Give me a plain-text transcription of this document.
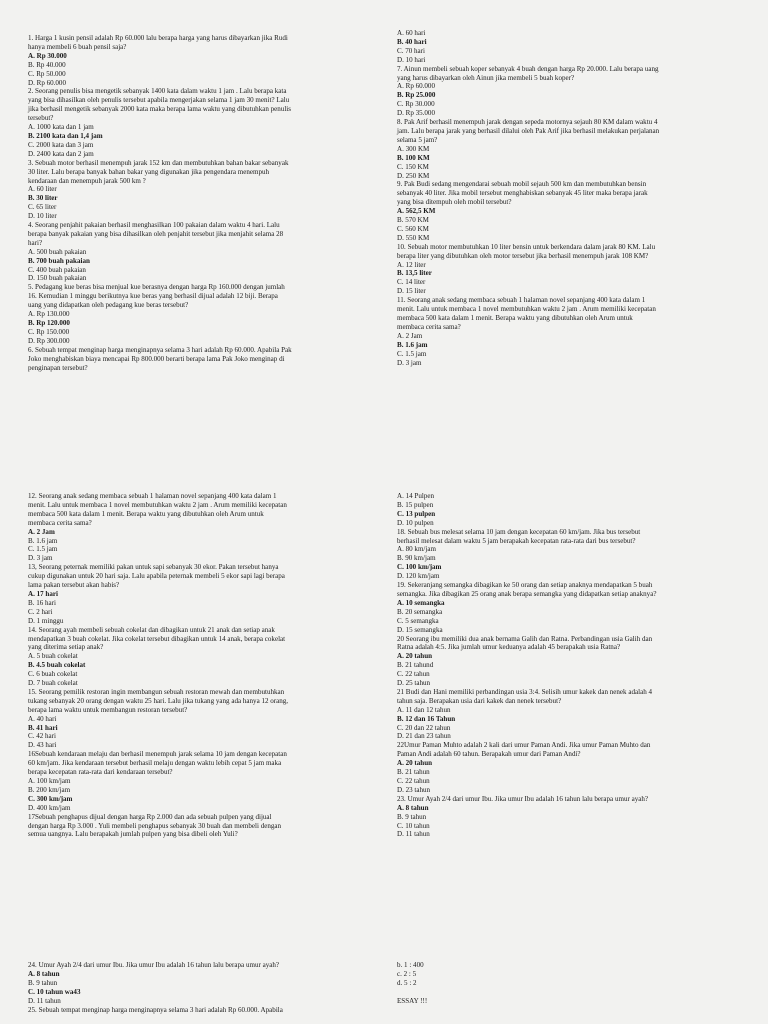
1. Harga 1 kusin pensil adalah Rp 60.000 lalu berapa harga yang harus dibayarkan jika Rudi

hanya membeli 6 buah pensil saja?

A. Rp 30.000

B. Rp 40.000

C. Rp 50.000

D. Rp 60.000

2. Seorang penulis bisa mengetik sebanyak 1400 kata dalam waktu 1 jam . Lalu berapa kata

yang bisa dihasilkan oleh penulis tersebut apabila mengerjakan selama 1 jam 30 menit? Lalu

jika berhasil mengetik sebanyak 2000 kata maka berapa lama waktu yang dibutuhkan penulis

tersebut?

A. 1000 kata dan 1 jam

B. 2100 kata dan 1,4 jam

C. 2000 kata dan 3 jam

D. 2400 kata dan 2 jam

3. Sebuah motor berhasil menempuh jarak 152 km dan membutuhkan bahan bakar sebanyak

30 liter. Lalu berapa banyak bahan bakar yang digunakan jika pengendara menempuh

kendaraan dan menempuh jarak 500 km ?

A. 60 liter

B. 30 liter

C. 65 liter

D. 10 liter

4. Seorang penjahit pakaian berhasil menghasilkan 100 pakaian dalam waktu 4 hari. Lalu

berapa banyak pakaian yang bisa dihasilkan oleh penjahit tersebut jika menjahit selama 28

hari?

A. 500 buah pakaian

B. 700 buah pakaian

C. 400 buah pakaian

D. 150 buah pakaian

5. Pedagang kue beras bisa menjual kue berasnya dengan harga Rp 160.000 dengan jumlah

16. Kemudian 1 minggu berikutnya kue beras yang berhasil dijual adalah 12 biji. Berapa

uang yang didapatkan oleh pedagang kue beras tersebut?

A. Rp 130.000

B. Rp 120.000

C. Rp 150.000

D. Rp 300.000

6. Sebuah tempat menginap harga menginapnya selama 3 hari adalah Rp 60.000. Apabila Pak

Joko menghabiskan biaya mencapai Rp 800.000 berarti berapa lama Pak Joko menginap di

penginapan tersebut?

A. 60 hari

B. 40 hari

C. 70 hari

D. 10 hari

7. Ainun membeli sebuah koper sebanyak 4 buah dengan harga Rp 20.000. Lalu berapa uang

yang harus dibayarkan oleh Ainun jika membeli 5 buah koper?

A. Rp 60.000

B. Rp 25.000

C. Rp 30.000

D. Rp 35.000

8. Pak Arif berhasil menempuh jarak dengan sepeda motornya sejauh 80 KM dalam waktu 4

jam. Lalu berapa jarak yang berhasil dilalui oleh Pak Arif jika berhasil melakukan perjalanan

selama 5 jam?

A. 300 KM

B. 100 KM

C. 150 KM

D. 250 KM

9. Pak Budi sedang mengendarai sebuah mobil sejauh 500 km dan membutuhkan bensin

sebanyak 40 liter. Jika mobil tersebut menghabiskan sebanyak 45 liter maka berapa jarak

yang bisa ditempuh oleh mobil tersebut?

A. 562,5 KM

B. 570 KM

C. 560 KM

D. 550 KM

10. Sebuah motor membutuhkan 10 liter bensin untuk berkendara dalam jarak 80 KM. Lalu

berapa liter yang dibutuhkan oleh motor tersebut jika berhasil menempuh jarak 108 KM?

A. 12 liter

B. 13,5 liter

C. 14 liter

D. 15 liter

11. Seorang anak sedang membaca sebuah 1 halaman novel sepanjang 400 kata dalam 1

menit. Lalu untuk membaca 1 novel membutuhkan waktu 2 jam . Arum memiliki kecepatan

membaca 500 kata dalam 1 menit. Berapa waktu yang dibutuhkan oleh Arum untuk

membaca cerita sama?

A. 2 Jam

B. 1.6 jam

C. 1.5 jam

D. 3 jam

12. Seorang anak sedang membaca sebuah 1 halaman novel sepanjang 400 kata dalam 1

menit. Lalu untuk membaca 1 novel membutuhkan waktu 2 jam . Arum memiliki kecepatan

membaca 500 kata dalam 1 menit. Berapa waktu yang dibutuhkan oleh Arum untuk

membaca cerita sama?

A. 2 Jam

B. 1.6 jam

C. 1.5 jam

D. 3 jam

13, Seorang peternak memiliki pakan untuk sapi sebanyak 30 ekor. Pakan tersebut hanya

cukup digunakan untuk 20 hari saja. Lalu apabila peternak membeli 5 ekor sapi lagi berapa

lama pakan tersebut akan habis?

A. 17 hari

B. 16 hari

C. 2 hari

D. 1 minggu

14. Seorang ayah membeli sebuah cokelat dan dibagikan untuk 21 anak dan setiap anak

mendapatkan 3 buah cokelat. Jika cokelat tersebut dibagikan untuk 14 anak, berapa cokelat

yang diterima setiap anak?

A. 5 buah cokelat

B. 4.5 buah cokelat

C. 6 buah cokelat

D. 7 buah cokelat

15. Seorang pemilik restoran ingin membangun sebuah restoran mewah dan membutuhkan

tukang sebanyak 20 orang dengan waktu 25 hari. Lalu jika tukang yang ada hanya 12 orang,

berapa lama waktu untuk membangun restoran tersebut?

A. 40 hari

B. 41 hari

C. 42 hari

D. 43 hari

16Sebuah kendaraan melaju dan berhasil menempuh jarak selama 10 jam dengan kecepatan

60 km/jam. Jika kendaraan tersebut berhasil melaju dengan waktu lebih cepat 5 jam maka

berapa kecepatan rata-rata dari kendaraan tersebut?

A. 100 km/jam

B. 200 km/jam

C. 300 km/jam

D. 400 km/jam

17Sebuah penghapus dijual dengan harga Rp 2.000 dan ada sebuah pulpen yang dijual

dengan harga Rp 3.000 . Yuli membeli penghapus sebanyak 30 buah dan membeli dengan

semua uangnya. Lalu berapakah jumlah pulpen yang bisa dibeli oleh Yuli?

A. 14 Pulpen

B. 15 pulpen

C. 13 pulpen

D. 10 pulpen

18. Sebuah bus melesat selama 10 jam dengan kecepatan 60 km/jam. Jika bus tersebut

berhasil melesat dalam waktu 5 jam berapakah kecepatan rata-rata dari bus tersebut?

A. 80 km/jam

B. 90 km/jam

C. 100 km/jam

D. 120 km/jam

19. Sekeranjang semangka dibagikan ke 50 orang dan setiap anaknya mendapatkan 5 buah

semangka. Jika dibagikan 25 orang anak berapa semangka yang didapatkan setiap anaknya?

A. 10 semangka

B. 20 semangka

C. 5 semangka

D. 15 semangka

20 Seorang ibu memiliki dua anak bernama Galih dan Ratna. Perbandingan usia Galih dan

Ratna adalah 4:5. Jika jumlah umur keduanya adalah 45 berapakah usia Ratna?

A. 20 tahun

B. 21 tahund

C. 22 tahun

D. 25 tahun

21 Budi dan Hani memiliki perbandingan usia 3:4. Selisih umur kakek dan nenek adalah 4

tahun saja. Berapakan usia dari kakek dan nenek tersebut?

A. 11 dan 12 tahun

B. 12 dan 16 Tahun

C. 20 dan 22 tahun

D. 21 dan 23 tahun

22Umur Paman Muhto adalah 2 kali dari umur Paman Andi. Jika umur Paman Muhto dan

Paman Andi adalah 60 tahun. Berapakah umur dari Paman Andi?

A. 20 tahun

B. 21 tahun

C. 22 tahun

D. 23 tahun

23. Umur Ayah 2/4 dari umur Ibu. Jika umur Ibu adalah 16 tahun lalu berapa umur ayah?

A. 8 tahun

B. 9 tahun

C. 10 tahun

D. 11 tahun

24. Umur Ayah 2/4 dari umur Ibu. Jika umur Ibu adalah 16 tahun lalu berapa umur ayah?

A. 8 tahun

B. 9 tahun

C. 10 tahun wa43

D. 11 tahun

25. Sebuah tempat menginap harga menginapnya selama 3 hari adalah Rp 60.000. Apabila

b. 1 : 400

c. 2 : 5

d. 5 : 2

ESSAY !!!
